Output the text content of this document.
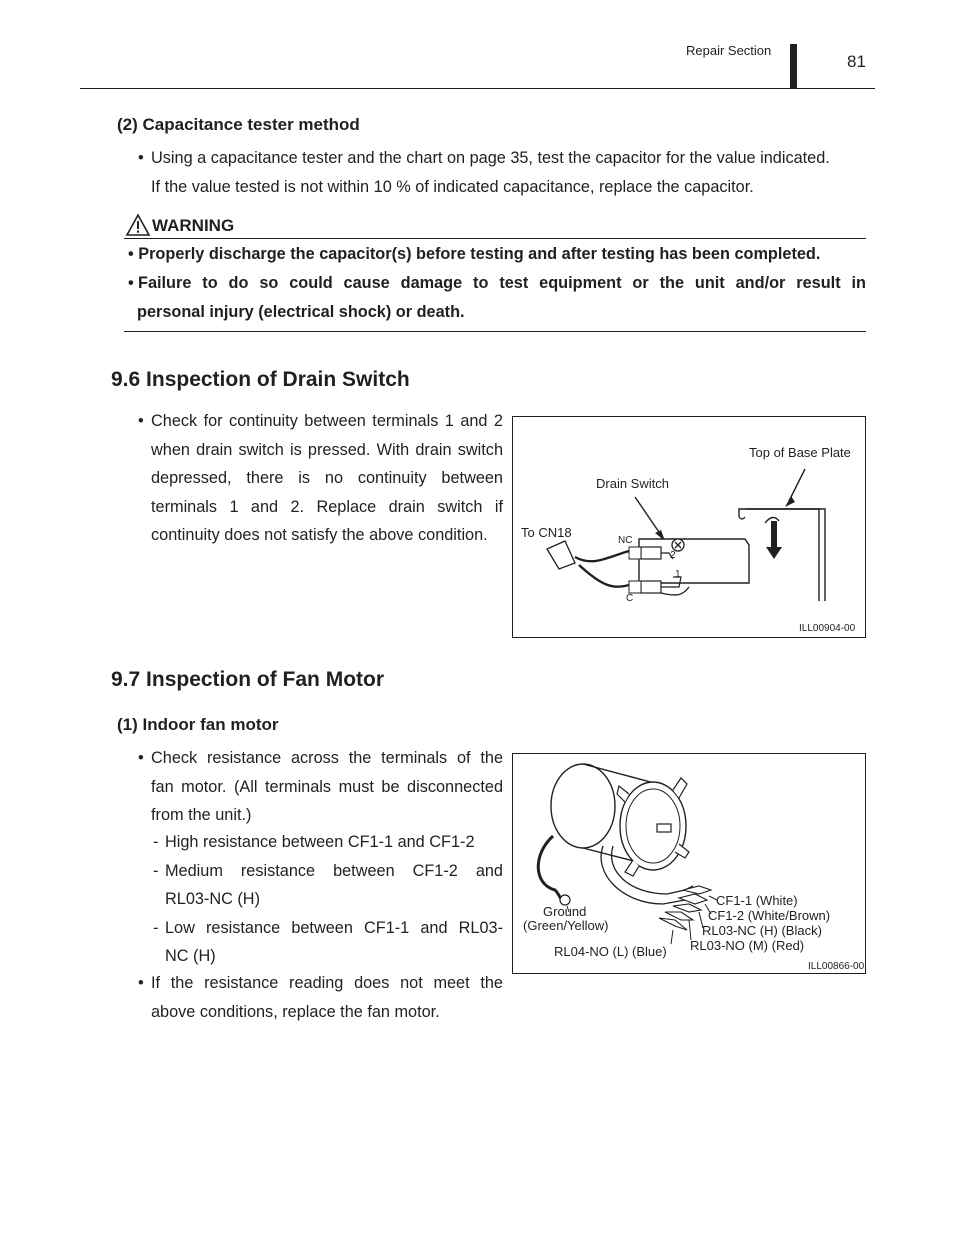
Repair Section
81
(2) Capacitance tester method
• Using a capacitance tester and the chart on page 35, test the capacitor for the value indicated.
If the value tested is not within 10 % of indicated capacitance, replace the capacitor.
WARNING
• Properly discharge the capacitor(s) before testing and after testing has been completed.
• Failure to do so could cause damage to test equipment or the unit and/or result in
personal injury (electrical shock) or death.
9.6 Inspection of Drain Switch
• Check for continuity between terminals 1 and 2
when drain switch is pressed. With drain switch
depressed, there is no continuity between
terminals 1 and 2. Replace drain switch if
continuity does not satisfy the above condition.
Top of Base Plate
Drain Switch
To CN18
NC
C
2
1
ILL00904-00
9.7 Inspection of Fan Motor
(1) Indoor fan motor
• Check resistance across the terminals of the
fan motor. (All terminals must be disconnected
from the unit.)
- High resistance between CF1-1 and CF1-2
- Medium resistance between CF1-2 and
RL03-NC (H)
- Low resistance between CF1-1 and RL03-
NC (H)
• If the resistance reading does not meet the
above conditions, replace the fan motor.
CF1-1 (White)
CF1-2 (White/Brown)
RL03-NC (H) (Black)
RL03-NO (M) (Red)
RL04-NO (L) (Blue)
Ground
(Green/Yellow)
ILL00866-00
